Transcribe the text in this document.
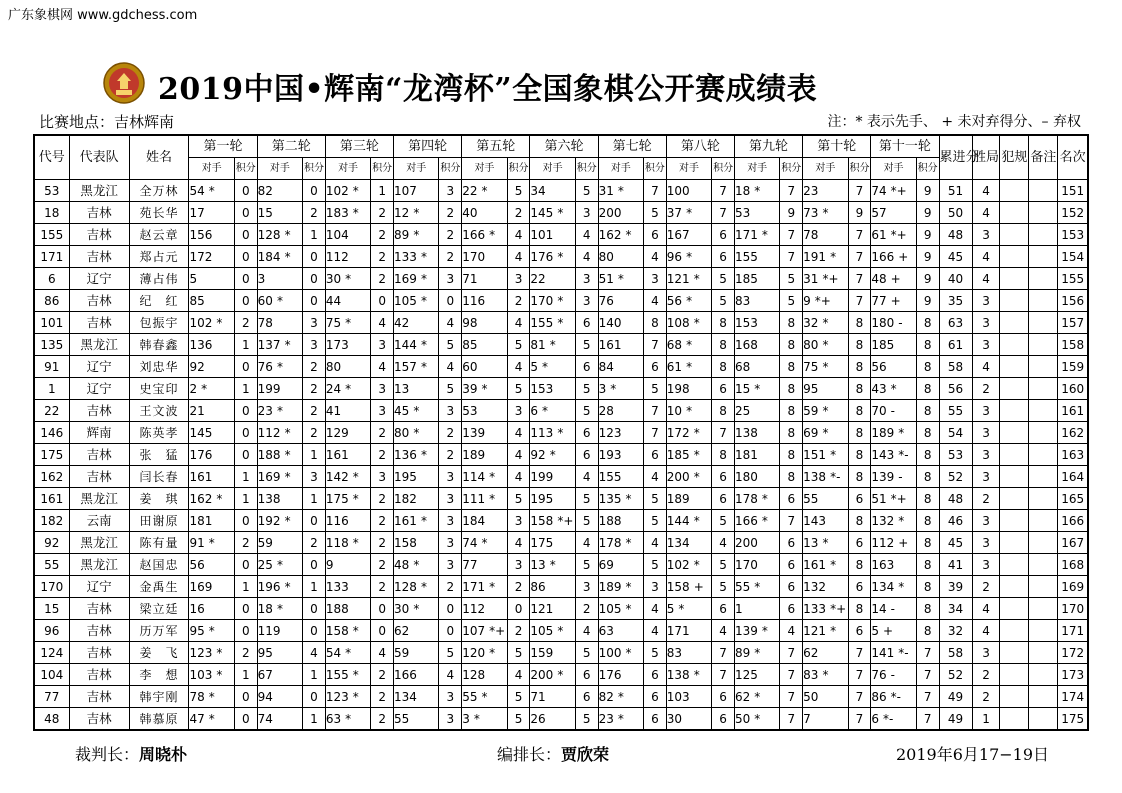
广东象棋网 www.gdchess.com
2019中国•辉南“龙湾杯”全国象棋公开赛成绩表
比赛地点：吉林辉南	注：* 表示先手、 + 未对弃得分、– 弃权
代号	代表队	姓名	第一轮		第二轮		第三轮		第四轮		第五轮		第六轮		第七轮		第八轮		第九轮		第十轮		第十一轮		累进分	胜局	犯规	备注	名次
			对手	积分	对手	积分	对手	积分	对手	积分	对手	积分	对手	积分	对手	积分	对手	积分	对手	积分	对手	积分	对手	积分					
53	黑龙江	全万林	54 *	0	82	0	102 *	1	107	3	22 *	5	34	5	31 *	7	100	7	18 *	7	23	7	74 *+	9	51	4			151
18	吉林	苑长华	17	0	15	2	183 *	2	12 *	2	40	2	145 *	3	200	5	37 *	7	53	9	73 *	9	57	9	50	4			152
155	吉林	赵云章	156	0	128 *	1	104	2	89 *	2	166 *	4	101	4	162 *	6	167	6	171 *	7	78	7	61 *+	9	48	3			153
171	吉林	郑占元	172	0	184 *	0	112	2	133 *	2	170	4	176 *	4	80	4	96 *	6	155	7	191 *	7	166 +	9	45	4			154
6	辽宁	薄占伟	5	0	3	0	30 *	2	169 *	3	71	3	22	3	51 *	3	121 *	5	185	5	31 *+	7	48 +	9	40	4			155
86	吉林	纪　红	85	0	60 *	0	44	0	105 *	0	116	2	170 *	3	76	4	56 *	5	83	5	9 *+	7	77 +	9	35	3			156
101	吉林	包振宇	102 *	2	78	3	75 *	4	42	4	98	4	155 *	6	140	8	108 *	8	153	8	32 *	8	180 -	8	63	3			157
135	黑龙江	韩春鑫	136	1	137 *	3	173	3	144 *	5	85	5	81 *	5	161	7	68 *	8	168	8	80 *	8	185	8	61	3			158
91	辽宁	刘忠华	92	0	76 *	2	80	4	157 *	4	60	4	5 *	6	84	6	61 *	8	68	8	75 *	8	56	8	58	4			159
1	辽宁	史宝印	2 *	1	199	2	24 *	3	13	5	39 *	5	153	5	3 *	5	198	6	15 *	8	95	8	43 *	8	56	2			160
22	吉林	王文波	21	0	23 *	2	41	3	45 *	3	53	3	6 *	5	28	7	10 *	8	25	8	59 *	8	70 -	8	55	3			161
146	辉南	陈英孝	145	0	112 *	2	129	2	80 *	2	139	4	113 *	6	123	7	172 *	7	138	8	69 *	8	189 *	8	54	3			162
175	吉林	张　猛	176	0	188 *	1	161	2	136 *	2	189	4	92 *	6	193	6	185 *	8	181	8	151 *	8	143 *-	8	53	3			163
162	吉林	闫长春	161	1	169 *	3	142 *	3	195	3	114 *	4	199	4	155	4	200 *	6	180	8	138 *-	8	139 -	8	52	3			164
161	黑龙江	姜　琪	162 *	1	138	1	175 *	2	182	3	111 *	5	195	5	135 *	5	189	6	178 *	6	55	6	51 *+	8	48	2			165
182	云南	田谢原	181	0	192 *	0	116	2	161 *	3	184	3	158 *+	5	188	5	144 *	5	166 *	7	143	8	132 *	8	46	3			166
92	黑龙江	陈有量	91 *	2	59	2	118 *	2	158	3	74 *	4	175	4	178 *	4	134	4	200	6	13 *	6	112 +	8	45	3			167
55	黑龙江	赵国忠	56	0	25 *	0	9	2	48 *	3	77	3	13 *	5	69	5	102 *	5	170	6	161 *	8	163	8	41	3			168
170	辽宁	金禹生	169	1	196 *	1	133	2	128 *	2	171 *	2	86	3	189 *	3	158 +	5	55 *	6	132	6	134 *	8	39	2			169
15	吉林	梁立廷	16	0	18 *	0	188	0	30 *	0	112	0	121	2	105 *	4	5 *	6	1	6	133 *+	8	14 -	8	34	4			170
96	吉林	历万军	95 *	0	119	0	158 *	0	62	0	107 *+	2	105 *	4	63	4	171	4	139 *	4	121 *	6	5 +	8	32	4			171
124	吉林	姜　飞	123 *	2	95	4	54 *	4	59	5	120 *	5	159	5	100 *	5	83	7	89 *	7	62	7	141 *-	7	58	3			172
104	吉林	李　想	103 *	1	67	1	155 *	2	166	4	128	4	200 *	6	176	6	138 *	7	125	7	83 *	7	76 -	7	52	2			173
77	吉林	韩宇刚	78 *	0	94	0	123 *	2	134	3	55 *	5	71	6	82 *	6	103	6	62 *	7	50	7	86 *-	7	49	2			174
48	吉林	韩慕原	47 *	0	74	1	63 *	2	55	3	3 *	5	26	5	23 *	6	30	6	50 *	7	7	7	6 *-	7	49	1			175
裁判长：周晓朴	编排长：贾欣荣	2019年6月17−19日
